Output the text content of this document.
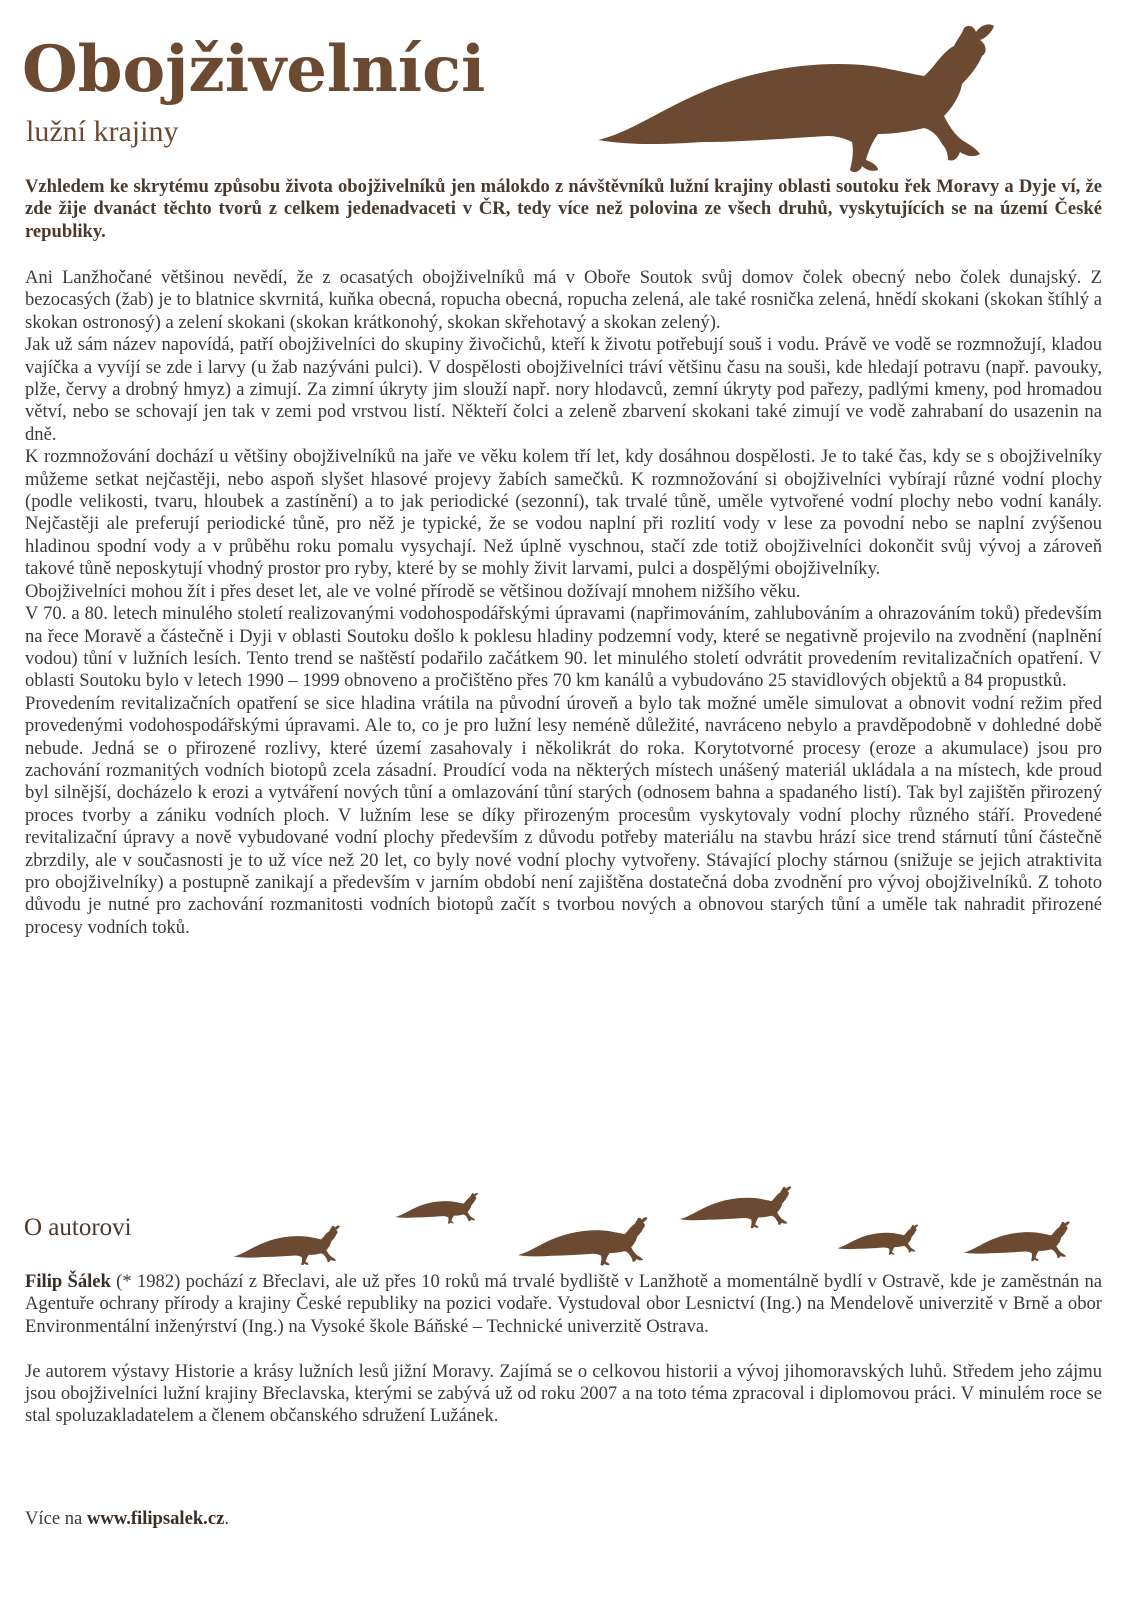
Obojživelníci
lužní krajiny

Vzhledem ke skrytému způsobu života obojživelníků jen málokdo z návštěvníků lužní krajiny oblasti soutoku řek Moravy a Dyje ví, že zde žije dvanáct těchto tvorů z celkem jedenadvaceti v ČR, tedy více než polovina ze všech druhů, vyskytujících se na území České republiky.

Ani Lanžhočané většinou nevědí, že z ocasatých obojživelníků má v Oboře Soutok svůj domov čolek obecný nebo čolek dunajský. Z bezocasých (žab) je to blatnice skvrnitá, kuňka obecná, ropucha obecná, ropucha zelená, ale také rosnička zelená, hnědí skokani (skokan štíhlý a skokan ostronosý) a zelení skokani (skokan krátkonohý, skokan skřehotavý a skokan zelený).

Jak už sám název napovídá, patří obojživelníci do skupiny živočichů, kteří k životu potřebují souš i vodu. Právě ve vodě se rozmnožují, kladou vajíčka a vyvíjí se zde i larvy (u žab nazýváni pulci). V dospělosti obojživelníci tráví většinu času na souši, kde hledají potravu (např. pavouky, plže, červy a drobný hmyz) a zimují. Za zimní úkryty jim slouží např. nory hlodavců, zemní úkryty pod pařezy, padlými kmeny, pod hromadou větví, nebo se schovají jen tak v zemi pod vrstvou listí. Někteří čolci a zeleně zbarvení skokani také zimují ve vodě zahrabaní do usazenin na dně.

K rozmnožování dochází u většiny obojživelníků na jaře ve věku kolem tří let, kdy dosáhnou dospělosti. Je to také čas, kdy se s obojživelníky můžeme setkat nejčastěji, nebo aspoň slyšet hlasové projevy žabích samečků. K rozmnožování si obojživelníci vybírají různé vodní plochy (podle velikosti, tvaru, hloubek a zastínění) a to jak periodické (sezonní), tak trvalé tůně, uměle vytvořené vodní plochy nebo vodní kanály. Nejčastěji ale preferují periodické tůně, pro něž je typické, že se vodou naplní při rozlití vody v lese za povodní nebo se naplní zvýšenou hladinou spodní vody a v průběhu roku pomalu vysychají. Než úplně vyschnou, stačí zde totiž obojživelníci dokončit svůj vývoj a zároveň takové tůně neposkytují vhodný prostor pro ryby, které by se mohly živit larvami, pulci a dospělými obojživelníky.

Obojživelníci mohou žít i přes deset let, ale ve volné přírodě se většinou dožívají mnohem nižšího věku.

V 70. a 80. letech minulého století realizovanými vodohospodářskými úpravami (napřimováním, zahlubováním a ohrazováním toků) především na řece Moravě a částečně i Dyji v oblasti Soutoku došlo k poklesu hladiny podzemní vody, které se negativně projevilo na zvodnění (naplnění vodou) tůní v lužních lesích. Tento trend se naštěstí podařilo začátkem 90. let minulého století odvrátit provedením revitalizačních opatření. V oblasti Soutoku bylo v letech 1990 – 1999 obnoveno a pročištěno přes 70 km kanálů a vybudováno 25 stavidlových objektů a 84 propustků.

Provedením revitalizačních opatření se sice hladina vrátila na původní úroveň a bylo tak možné uměle simulovat a obnovit vodní režim před provedenými vodohospodářskými úpravami. Ale to, co je pro lužní lesy neméně důležité, navráceno nebylo a pravděpodobně v dohledné době nebude. Jedná se o přirozené rozlivy, které území zasahovaly i několikrát do roka. Korytotvorné procesy (eroze a akumulace) jsou pro zachování rozmanitých vodních biotopů zcela zásadní. Proudící voda na některých místech unášený materiál ukládala a na místech, kde proud byl silnější, docházelo k erozi a vytváření nových tůní a omlazování tůní starých (odnosem bahna a spadaného listí). Tak byl zajištěn přirozený proces tvorby a zániku vodních ploch. V lužním lese se díky přirozeným procesům vyskytovaly vodní plochy různého stáří. Provedené revitalizační úpravy a nově vybudované vodní plochy především z důvodu potřeby materiálu na stavbu hrází sice trend stárnutí tůní částečně zbrzdily, ale v současnosti je to už více než 20 let, co byly nové vodní plochy vytvořeny. Stávající plochy stárnou (snižuje se jejich atraktivita pro obojživelníky) a postupně zanikají a především v jarním období není zajištěna dostatečná doba zvodnění pro vývoj obojživelníků. Z tohoto důvodu je nutné pro zachování rozmanitosti vodních biotopů začít s tvorbou nových a obnovou starých tůní a uměle tak nahradit přirozené procesy vodních toků.

O autorovi

Filip Šálek (* 1982) pochází z Břeclavi, ale už přes 10 roků má trvalé bydliště v Lanžhotě a momentálně bydlí v Ostravě, kde je zaměstnán na Agentuře ochrany přírody a krajiny České republiky na pozici vodaře. Vystudoval obor Lesnictví (Ing.) na Mendelově univerzitě v Brně a obor Environmentální inženýrství (Ing.) na Vysoké škole Báňské – Technické univerzitě Ostrava.

Je autorem výstavy Historie a krásy lužních lesů jižní Moravy. Zajímá se o celkovou historii a vývoj jihomoravských luhů. Středem jeho zájmu jsou obojživelníci lužní krajiny Břeclavska, kterými se zabývá už od roku 2007 a na toto téma zpracoval i diplomovou práci. V minulém roce se stal spoluzakladatelem a členem občanského sdružení Lužánek.

Více na www.filipsalek.cz.
